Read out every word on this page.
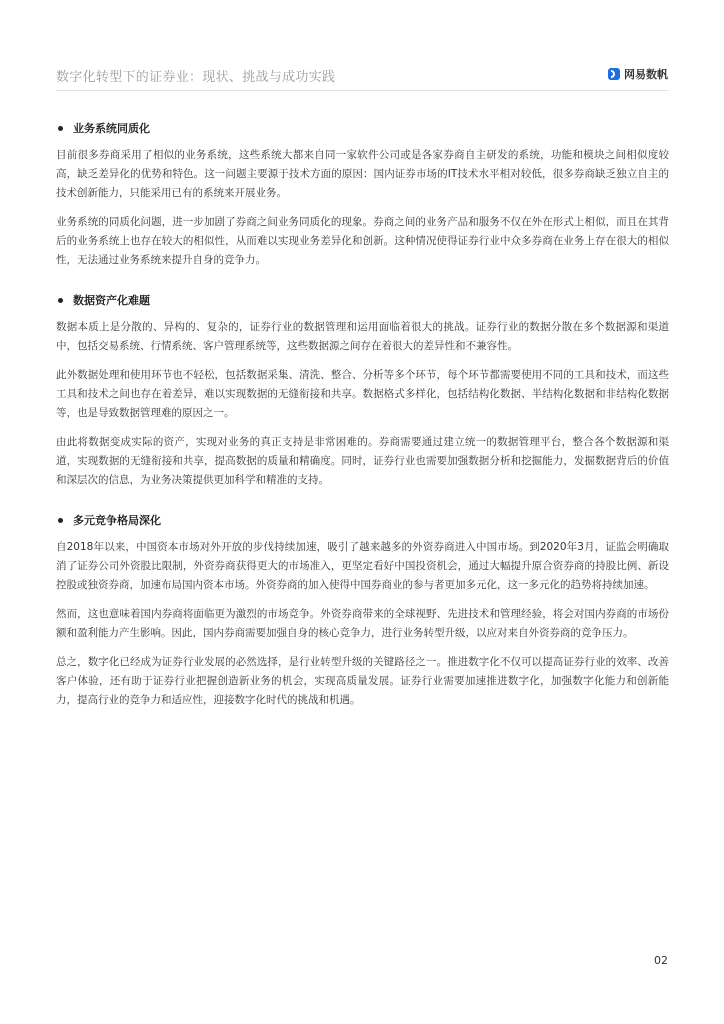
数字化转型下的证券业：现状、挑战与成功实践	网易数帆
业务系统同质化

目前很多券商采用了相似的业务系统，这些系统大都来自同一家软件公司或是各家券商自主研发的系统，功能和模块之间相似度较高，缺乏差异化的优势和特色。这一问题主要源于技术方面的原因：国内证券市场的IT技术水平相对较低，很多券商缺乏独立自主的技术创新能力，只能采用已有的系统来开展业务。

业务系统的同质化问题，进一步加剧了券商之间业务同质化的现象。券商之间的业务产品和服务不仅在外在形式上相似，而且在其背后的业务系统上也存在较大的相似性，从而难以实现业务差异化和创新。这种情况使得证券行业中众多券商在业务上存在很大的相似性，无法通过业务系统来提升自身的竞争力。

数据资产化难题

数据本质上是分散的、异构的、复杂的，证券行业的数据管理和运用面临着很大的挑战。证券行业的数据分散在多个数据源和渠道中，包括交易系统、行情系统、客户管理系统等，这些数据源之间存在着很大的差异性和不兼容性。

此外数据处理和使用环节也不轻松，包括数据采集、清洗、整合、分析等多个环节，每个环节都需要使用不同的工具和技术，而这些工具和技术之间也存在着差异，难以实现数据的无缝衔接和共享。数据格式多样化，包括结构化数据、半结构化数据和非结构化数据等，也是导致数据管理难的原因之一。

由此将数据变成实际的资产，实现对业务的真正支持是非常困难的。券商需要通过建立统一的数据管理平台，整合各个数据源和渠道，实现数据的无缝衔接和共享，提高数据的质量和精确度。同时，证券行业也需要加强数据分析和挖掘能力，发掘数据背后的价值和深层次的信息，为业务决策提供更加科学和精准的支持。

多元竞争格局深化

自2018年以来，中国资本市场对外开放的步伐持续加速，吸引了越来越多的外资券商进入中国市场。到2020年3月，证监会明确取消了证券公司外资股比限制，外资券商获得更大的市场准入，更坚定看好中国投资机会，通过大幅提升原合资券商的持股比例、新设控股或独资券商，加速布局国内资本市场。外资券商的加入使得中国券商业的参与者更加多元化，这一多元化的趋势将持续加速。

然而，这也意味着国内券商将面临更为激烈的市场竞争。外资券商带来的全球视野、先进技术和管理经验，将会对国内券商的市场份额和盈利能力产生影响。因此，国内券商需要加强自身的核心竞争力，进行业务转型升级，以应对来自外资券商的竞争压力。

总之，数字化已经成为证券行业发展的必然选择，是行业转型升级的关键路径之一。推进数字化不仅可以提高证券行业的效率、改善客户体验，还有助于证券行业把握创造新业务的机会，实现高质量发展。证券行业需要加速推进数字化，加强数字化能力和创新能力，提高行业的竞争力和适应性，迎接数字化时代的挑战和机遇。

02
